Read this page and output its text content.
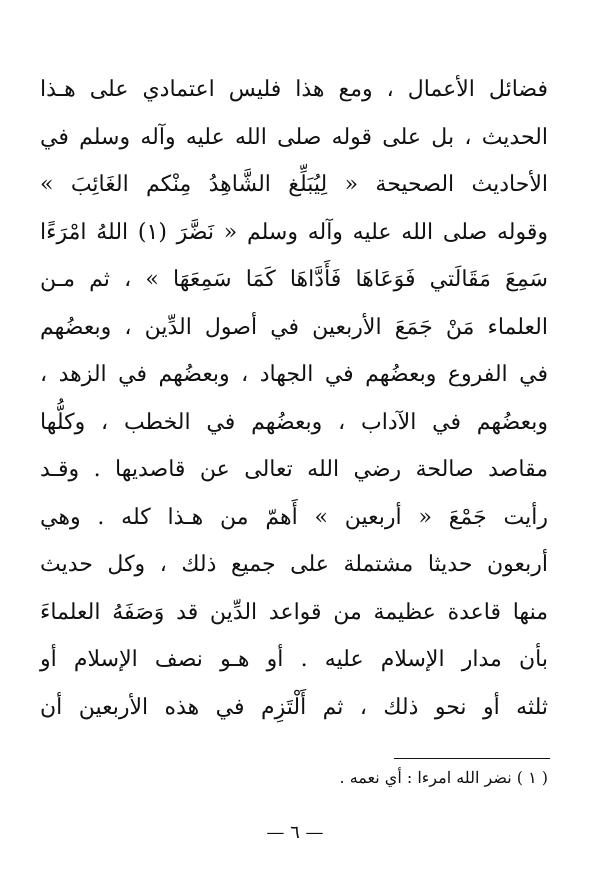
فضائل الأعمال ، ومع هذا فليس اعتمادي على هـذا
الحديث ، بل على قوله صلى الله عليه وآله وسلم في
الأحاديث الصحيحة « لِيُبَلِّغ الشَّاهِدُ مِنْكم الغَائِبَ »
وقوله صلى الله عليه وآله وسلم « نَضَّرَ (١) اللهُ امْرَءًا
سَمِعَ مَقَالَتي فَوَعَاهَا فَأَدَّاهَا كَمَا سَمِعَهَا » ، ثم مـن
العلماء مَنْ جَمَعَ الأربعين في أصول الدِّين ، وبعضُهم
في الفروع وبعضُهم في الجهاد ، وبعضُهم في الزهد ،
وبعضُهم في الآداب ، وبعضُهم في الخطب ، وكلُّها
مقاصد صالحة رضي الله تعالى عن قاصديها . وقـد
رأيت جَمْعَ « أربعين » أَهمّ من هـذا كله . وهي
أربعون حديثا مشتملة على جميع ذلك ، وكل حديث
منها قاعدة عظيمة من قواعد الدِّين قد وَصَفَهُ العلماءَ
بأن مدار الإسلام عليه . أو هـو نصف الإسلام أو
ثلثه أو نحو ذلك ، ثم أَلْتَزِم في هذه الأربعين أن
( ١ ) نضر الله امرءا : أي نعمه .
— ٦ —
